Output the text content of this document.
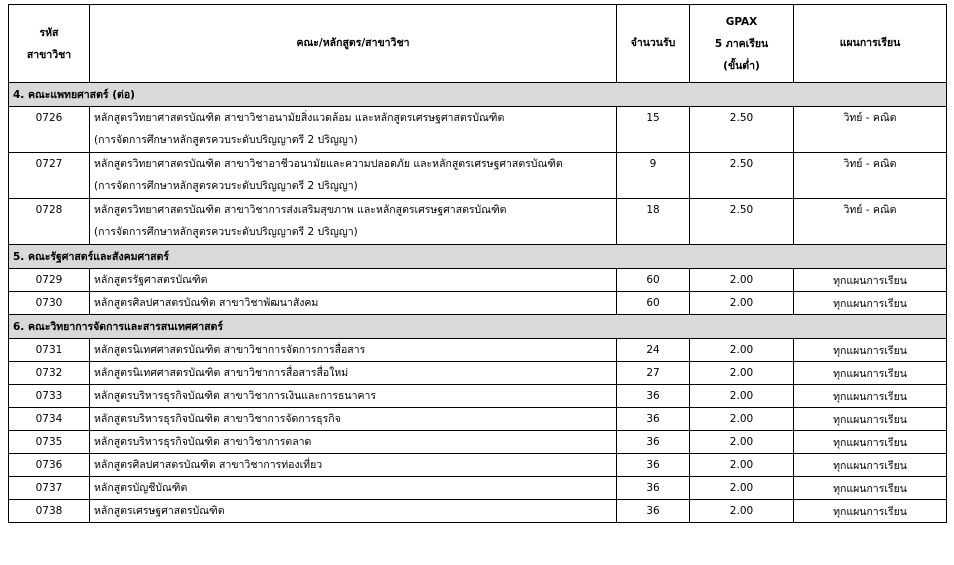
รหัส
สาขาวิชา	คณะ/หลักสูตร/สาขาวิชา	จำนวนรับ	GPAX
5 ภาคเรียน
(ขั้นต่ำ)	แผนการเรียน
4. คณะแพทยศาสตร์ (ต่อ)				
0726	หลักสูตรวิทยาศาสตรบัณฑิต สาขาวิชาอนามัยสิ่งแวดล้อม และหลักสูตรเศรษฐศาสตรบัณฑิต
(การจัดการศึกษาหลักสูตรควบระดับปริญญาตรี 2 ปริญญา)	15	2.50	วิทย์ - คณิต
0727	หลักสูตรวิทยาศาสตรบัณฑิต สาขาวิชาอาชีวอนามัยและความปลอดภัย และหลักสูตรเศรษฐศาสตรบัณฑิต
(การจัดการศึกษาหลักสูตรควบระดับปริญญาตรี 2 ปริญญา)	9	2.50	วิทย์ - คณิต
0728	หลักสูตรวิทยาศาสตรบัณฑิต สาขาวิชาการส่งเสริมสุขภาพ และหลักสูตรเศรษฐศาสตรบัณฑิต
(การจัดการศึกษาหลักสูตรควบระดับปริญญาตรี 2 ปริญญา)	18	2.50	วิทย์ - คณิต
5. คณะรัฐศาสตร์และสังคมศาสตร์				
0729	หลักสูตรรัฐศาสตรบัณฑิต	60	2.00	ทุกแผนการเรียน
0730	หลักสูตรศิลปศาสตรบัณฑิต สาขาวิชาพัฒนาสังคม	60	2.00	ทุกแผนการเรียน
6. คณะวิทยาการจัดการและสารสนเทศศาสตร์				
0731	หลักสูตรนิเทศศาสตรบัณฑิต สาขาวิชาการจัดการการสื่อสาร	24	2.00	ทุกแผนการเรียน
0732	หลักสูตรนิเทศศาสตรบัณฑิต สาขาวิชาการสื่อสารสื่อใหม่	27	2.00	ทุกแผนการเรียน
0733	หลักสูตรบริหารธุรกิจบัณฑิต สาขาวิชาการเงินและการธนาคาร	36	2.00	ทุกแผนการเรียน
0734	หลักสูตรบริหารธุรกิจบัณฑิต สาขาวิชาการจัดการธุรกิจ	36	2.00	ทุกแผนการเรียน
0735	หลักสูตรบริหารธุรกิจบัณฑิต สาขาวิชาการตลาด	36	2.00	ทุกแผนการเรียน
0736	หลักสูตรศิลปศาสตรบัณฑิต สาขาวิชาการท่องเที่ยว	36	2.00	ทุกแผนการเรียน
0737	หลักสูตรบัญชีบัณฑิต	36	2.00	ทุกแผนการเรียน
0738	หลักสูตรเศรษฐศาสตรบัณฑิต	36	2.00	ทุกแผนการเรียน
